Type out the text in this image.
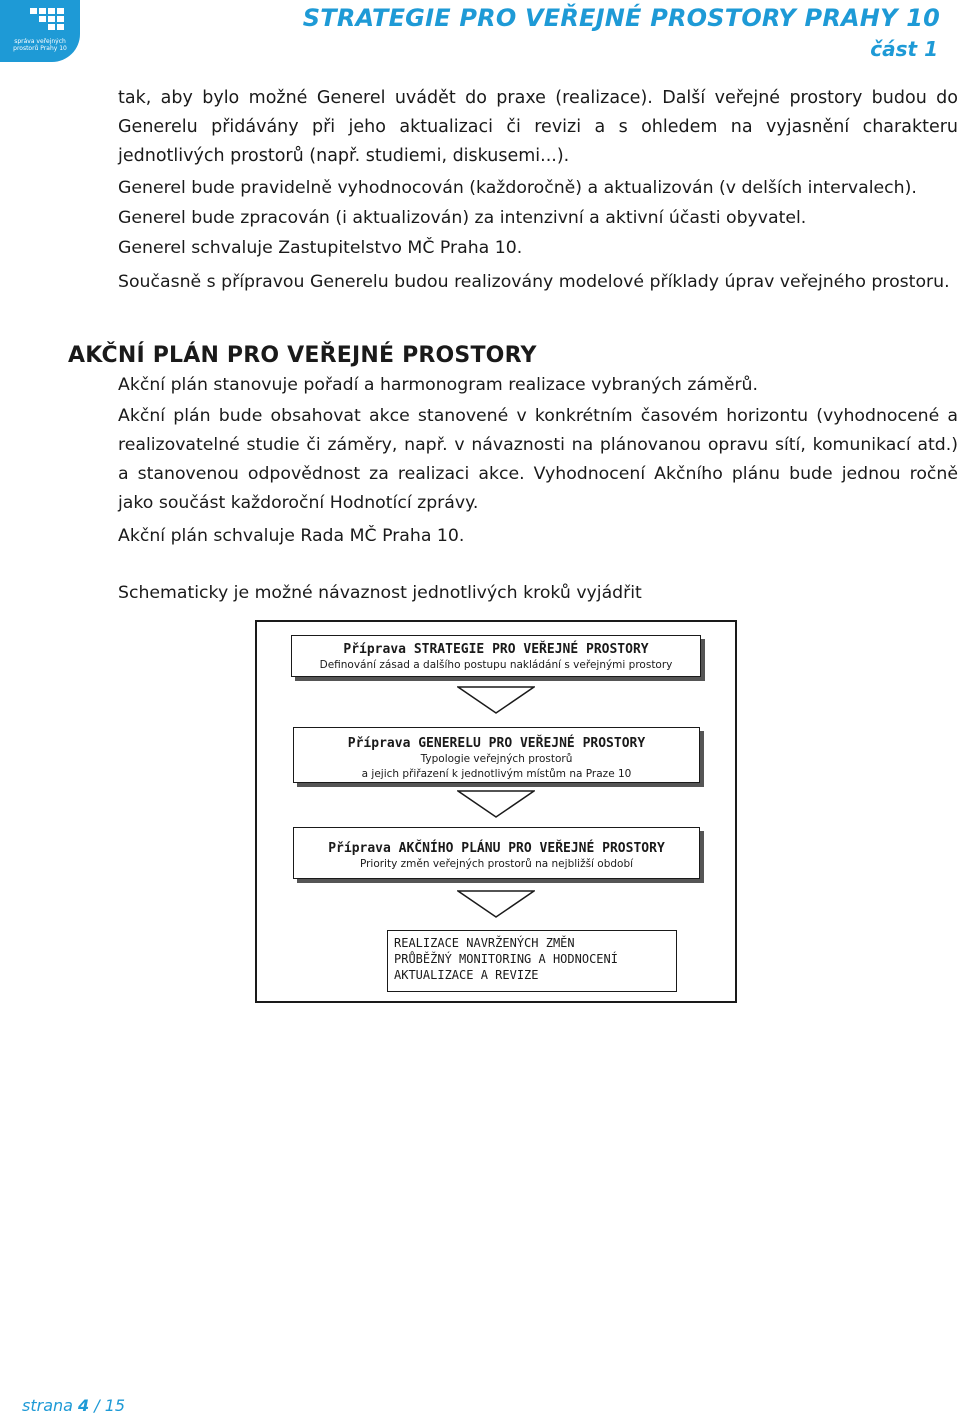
správa veřejných prostorů Prahy 10
STRATEGIE PRO VEŘEJNÉ PROSTORY PRAHY 10
část 1

tak, aby bylo možné Generel uvádět do praxe (realizace). Další veřejné prostory budou do Generelu přidávány při jeho aktualizaci či revizi a s ohledem na vyjasnění charakteru jednotlivých prostorů (např. studiemi, diskusemi...).

Generel bude pravidelně vyhodnocován (každoročně) a aktualizován (v delších intervalech).

Generel bude zpracován (i aktualizován) za intenzivní a aktivní účasti obyvatel.

Generel schvaluje Zastupitelstvo MČ Praha 10.

Současně s přípravou Generelu budou realizovány modelové příklady úprav veřejného prostoru.

AKČNÍ PLÁN PRO VEŘEJNÉ PROSTORY

Akční plán stanovuje pořadí a harmonogram realizace vybraných záměrů.

Akční plán bude obsahovat akce stanovené v konkrétním časovém horizontu (vyhodnocené a realizovatelné studie či záměry, např. v návaznosti na plánovanou opravu sítí, komunikací atd.) a stanovenou odpovědnost za realizaci akce. Vyhodnocení Akčního plánu bude jednou ročně jako součást každoroční Hodnotící zprávy.

Akční plán schvaluje Rada MČ Praha 10.

Schematicky je možné návaznost jednotlivých kroků vyjádřit

Příprava STRATEGIE PRO VEŘEJNÉ PROSTORY
Definování zásad a dalšího postupu nakládání s veřejnými prostory
Příprava GENERELU PRO VEŘEJNÉ PROSTORY
Typologie veřejných prostorů
a jejich přiřazení k jednotlivým místům na Praze 10
Příprava AKČNÍHO PLÁNU PRO VEŘEJNÉ PROSTORY
Priority změn veřejných prostorů na nejbližší období
REALIZACE NAVRŽENÝCH ZMĚN
PRŮBĚŽNÝ MONITORING A HODNOCENÍ
AKTUALIZACE A REVIZE
strana 4 / 15
